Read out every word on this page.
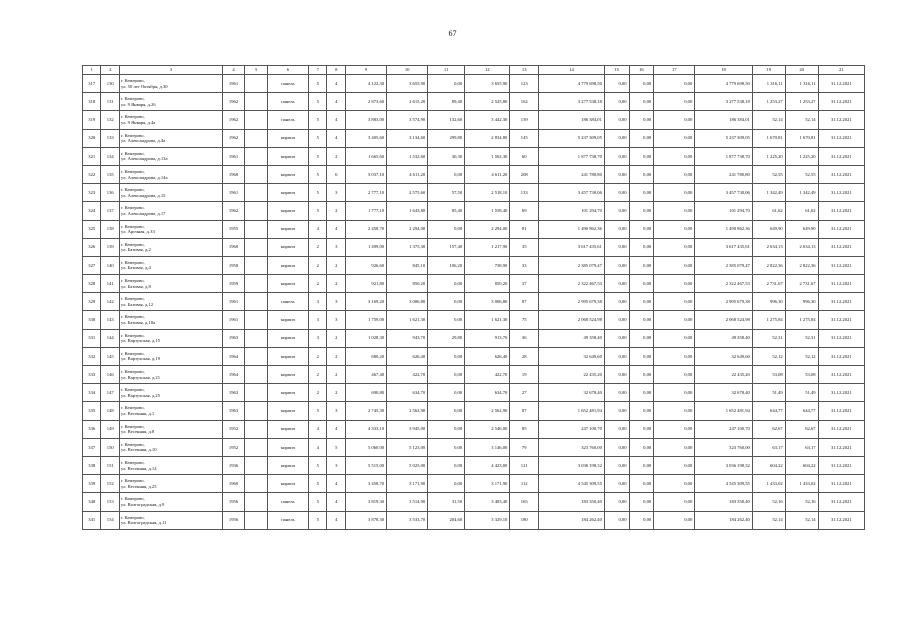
67
1	2	3	4	5	6	7	8	9	10	11	12	13	14	15	16	17	18	19	20	21
317	130	г. Кемерово,
ул. 50 лет Октября, д.30	1961		панель	5	4	4 122,30	3 655,90	0,00	3 655,90	123	4 779 698,50	0,00	0,00	0,00	4 779 698,50	1 316,11	1 316,11	31.12.2021
318	131	г. Кемерово,
ул. 9 Января, д.2б	1962		панель	5	4	2 873,60	2 615,20	89,40	2 525,80	162	3 277 538,18	0,00	0,00	0,00	3 277 538,18	1 253,27	1 253,27	31.12.2021
319	132	г. Кемерово,
ул. 9 Января, д.4а	1962		панель	5	4	3 883,00	3 574,90	132,60	3 442,30	139	186 384,01	0,00	0,00	0,00	186 384,01	52,14	52,14	31.12.2021
320	133	г. Кемерово,
ул. Александрова, д.4а	1962		кирпич	5	4	3 405,60	3 134,60	299,80	2 834,80	145	5 237 309,05	0,00	0,00	0,00	5 237 309,05	1 670,81	1 670,81	31.12.2021
321	134	г. Кемерово,
ул. Александрова, д.13а	1961		кирпич	5	2	1 665,60	1 532,60	30,30	1 502,30	60	1 877 738,70	0,00	0,00	0,00	1 877 738,70	1 225,20	1 225,20	31.12.2021
322	135	г. Кемерово,
ул. Александрова, д.14а	1968		кирпич	5	6	5 037,10	4 611,20	0,00	4 611,20	208	241 780,80	0,00	0,00	0,00	241 780,80	52,55	52,55	31.12.2021
323	136	г. Кемерово,
ул. Александрова, д.15	1961		кирпич	5	3	2 777,10	2 575,60	57,50	2 518,10	133	3 457 730,06	0,00	0,00	0,00	3 457 730,06	1 342,49	1 342,49	31.12.2021
324	137	г. Кемерово,
ул. Александрова, д.17	1962		кирпич	5	2	1 777,10	1 643,80	85,40	1 558,40	69	101 294,70	0,00	0,00	0,00	101 294,70	61,62	61,62	31.12.2021
325	138	г. Кемерово,
ул. Арочная, д.33	1955		кирпич	4	4	2 458,70	2 294,00	0,00	2 294,00	81	1 490 862,36	0,00	0,00	0,00	1 490 862,36	649,90	649,90	31.12.2021
326	139	г. Кемерово,
ул. Базовая, д.2	1960		кирпич	2	3	1 499,00	1 375,30	157,40	1 217,90	35	3 617 435,61	0,00	0,00	0,00	3 617 435,61	2 634,13	2 634,13	31.12.2021
327	140	г. Кемерово,
ул. Базовая, д.4	1958		кирпич	2	2	926,60	845,10	106,20	738,90	33	2 385 079,47	0,00	0,00	0,00	2 385 079,47	2 822,36	2 822,36	31.12.2021
328	141	г. Кемерово,
ул. Базовая, д.8	1959		кирпич	2	2	921,80	850,20	0,00	850,20	37	2 322 467,53	0,00	0,00	0,00	2 322 467,53	2 731,67	2 731,67	31.12.2021
329	142	г. Кемерово,
ул. Базовая, д.12	1961		панель	3	3	3 169,20	3 006,80	0,00	3 006,80	87	2 995 679,38	0,00	0,00	0,00	2 995 679,38	996,30	996,30	31.12.2021
330	143	г. Кемерово,
ул. Базовая, д.18а	1961		кирпич	3	3	1 759,00	1 621,30	0,00	1 621,30	75	2 068 524,98	0,00	0,00	0,00	2 068 524,98	1 275,84	1 275,84	31.12.2021
331	144	г. Кемерово,
ул. Варзухская, д.15	1963		кирпич	3	2	1 028,30	943,70	29,80	913,70	36	49 358,40	0,00	0,00	0,00	49 358,40	52,31	52,31	31.12.2021
332	145	г. Кемерово,
ул. Варзухская, д.19	1964		кирпич	2	2	680,20	626,40	0,00	626,40	28	32 649,60	0,00	0,00	0,00	32 649,60	52,12	52,12	31.12.2021
333	146	г. Кемерово,
ул. Варзухская, д.21	1964		кирпич	2	2	467,40	422,70	0,00	422,70	19	22 435,20	0,00	0,00	0,00	22 435,20	53,08	53,08	31.12.2021
334	147	г. Кемерово,
ул. Варзухская, д.25	1963		кирпич	2	2	690,80	634,70	0,00	634,70	27	32 678,40	0,00	0,00	0,00	32 678,40	51,49	51,49	31.12.2021
335	148	г. Кемерово,
ул. Весенняя, д.1	1963		кирпич	5	3	2 745,30	2 562,90	0,00	2 562,90	87	1 652 481,94	0,00	0,00	0,00	1 652 481,94	644,77	644,77	31.12.2021
336	149	г. Кемерово,
ул. Весенняя, д.8	1952		кирпич	4	4	4 333,10	3 945,00	0,00	2 546,00	85	247 100,70	0,00	0,00	0,00	247 100,70	62,67	62,67	31.12.2021
337	150	г. Кемерово,
ул. Весенняя, д.10	1952		кирпич	4	5	5 060,00	5 123,00	0,00	3 146,00	79	323 760,00	0,00	0,00	0,00	323 760,00	63,17	63,17	31.12.2021
338	151	г. Кемерово,
ул. Весенняя, д.14	1936		кирпич	5	3	5 515,00	5 025,00	0,00	4 423,00	121	3 036 198,32	0,00	0,00	0,00	3 036 198,32	604,22	604,22	31.12.2021
339	152	г. Кемерово,
ул. Весенняя, д.25	1960		кирпич	5	4	3 458,70	3 171,90	0,00	3 171,90	112	4 545 309,55	0,00	0,00	0,00	4 545 309,55	1 433,02	1 433,02	31.12.2021
340	153	г. Кемерово,
ул. Волгоградская, д.9	1956		панель	5	4	3 819,30	3 514,90	31,50	3 483,40	165	183 350,40	0,00	0,00	0,00	183 350,40	52,16	52,16	31.12.2021
341	154	г. Кемерово,
ул. Волгоградская, д.11	1956		панель	5	4	3 878,30	3 533,70	204,60	3 329,10	180	184 262,40	0,00	0,00	0,00	184 262,40	52,14	52,14	31.12.2021
